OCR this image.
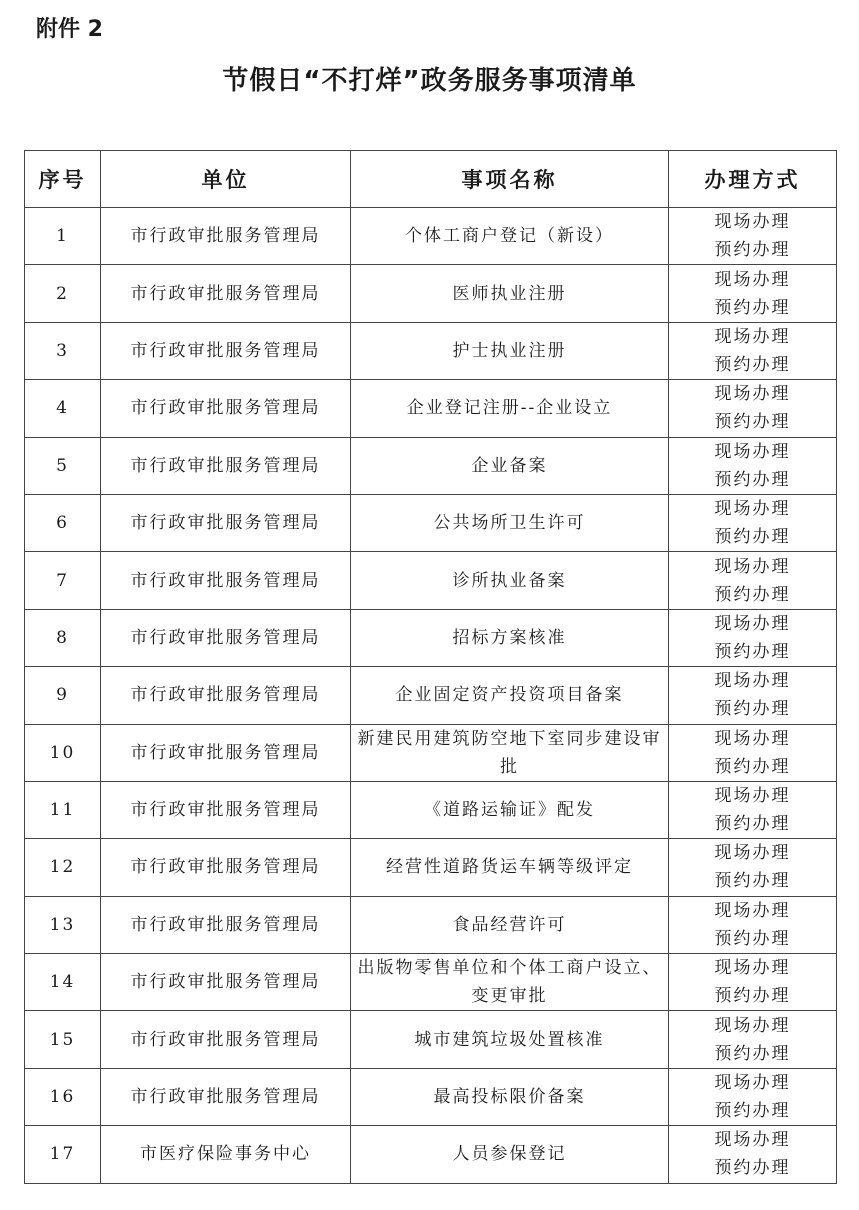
附件 2
节假日“不打烊”政务服务事项清单
序号	单位	事项名称	办理方式
1	市行政审批服务管理局	个体工商户登记（新设）	现场办理
预约办理

2	市行政审批服务管理局	医师执业注册	现场办理
预约办理

3	市行政审批服务管理局	护士执业注册	现场办理
预约办理

4	市行政审批服务管理局	企业登记注册--企业设立	现场办理
预约办理

5	市行政审批服务管理局	企业备案	现场办理
预约办理

6	市行政审批服务管理局	公共场所卫生许可	现场办理
预约办理

7	市行政审批服务管理局	诊所执业备案	现场办理
预约办理

8	市行政审批服务管理局	招标方案核准	现场办理
预约办理

9	市行政审批服务管理局	企业固定资产投资项目备案	现场办理
预约办理

10	市行政审批服务管理局	新建民用建筑防空地下室同步建设审批	现场办理
预约办理

11	市行政审批服务管理局	《道路运输证》配发	现场办理
预约办理

12	市行政审批服务管理局	经营性道路货运车辆等级评定	现场办理
预约办理

13	市行政审批服务管理局	食品经营许可	现场办理
预约办理

14	市行政审批服务管理局	出版物零售单位和个体工商户设立、变更审批	现场办理
预约办理

15	市行政审批服务管理局	城市建筑垃圾处置核准	现场办理
预约办理

16	市行政审批服务管理局	最高投标限价备案	现场办理
预约办理

17	市医疗保险事务中心	人员参保登记	现场办理
预约办理
